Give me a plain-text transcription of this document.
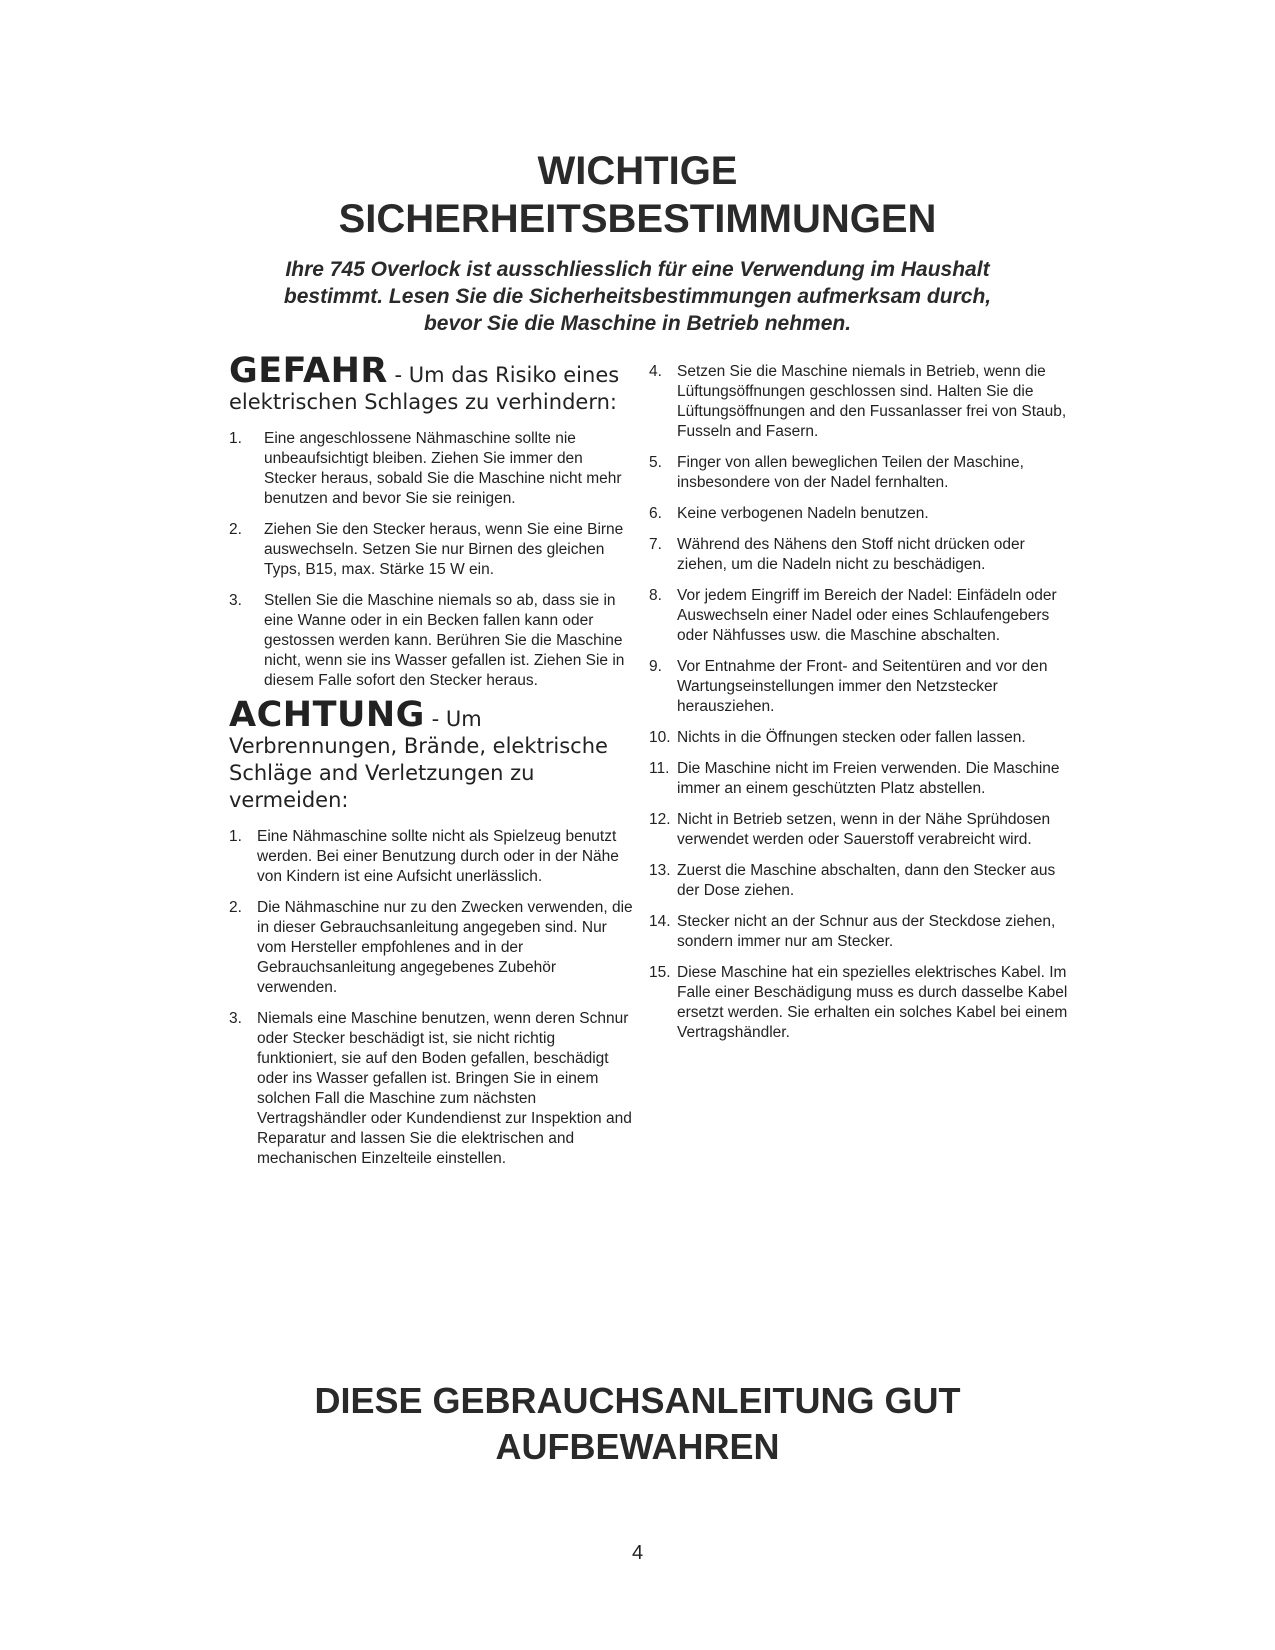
WICHTIGE
SICHERHEITSBESTIMMUNGEN
Ihre 745 Overlock ist ausschliesslich für eine Verwendung im Haushalt
bestimmt. Lesen Sie die Sicherheitsbestimmungen aufmerksam durch,
bevor Sie die Maschine in Betrieb nehmen.
GEFAHR - Um das Risiko eines elektrischen Schlages zu verhindern:
1. Eine angeschlossene Nähmaschine sollte nie unbeaufsichtigt bleiben. Ziehen Sie immer den Stecker heraus, sobald Sie die Maschine nicht mehr benutzen and bevor Sie sie reinigen.
2. Ziehen Sie den Stecker heraus, wenn Sie eine Birne auswechseln. Setzen Sie nur Birnen des gleichen Typs, B15, max. Stärke 15 W ein.
3. Stellen Sie die Maschine niemals so ab, dass sie in eine Wanne oder in ein Becken fallen kann oder gestossen werden kann. Berühren Sie die Maschine nicht, wenn sie ins Wasser gefallen ist. Ziehen Sie in diesem Falle sofort den Stecker heraus.
ACHTUNG - Um Verbrennungen, Brände, elektrische Schläge and Verletzungen zu vermeiden:
1. Eine Nähmaschine sollte nicht als Spielzeug benutzt werden. Bei einer Benutzung durch oder in der Nähe von Kindern ist eine Aufsicht unerlässlich.
2. Die Nähmaschine nur zu den Zwecken verwenden, die in dieser Gebrauchsanleitung angegeben sind. Nur vom Hersteller empfohlenes and in der Gebrauchsanleitung angegebenes Zubehör verwenden.
3. Niemals eine Maschine benutzen, wenn deren Schnur oder Stecker beschädigt ist, sie nicht richtig funktioniert, sie auf den Boden gefallen, beschädigt oder ins Wasser gefallen ist. Bringen Sie in einem solchen Fall die Maschine zum nächsten Vertragshändler oder Kundendienst zur Inspektion and Reparatur and lassen Sie die elektrischen and mechanischen Einzelteile einstellen.
4. Setzen Sie die Maschine niemals in Betrieb, wenn die Lüftungsöffnungen geschlossen sind. Halten Sie die Lüftungsöffnungen and den Fussanlasser frei von Staub, Fusseln and Fasern.
5. Finger von allen beweglichen Teilen der Maschine, insbesondere von der Nadel fernhalten.
6. Keine verbogenen Nadeln benutzen.
7. Während des Nähens den Stoff nicht drücken oder ziehen, um die Nadeln nicht zu beschädigen.
8. Vor jedem Eingriff im Bereich der Nadel: Einfädeln oder Auswechseln einer Nadel oder eines Schlaufengebers oder Nähfusses usw. die Maschine abschalten.
9. Vor Entnahme der Front- and Seitentüren and vor den Wartungseinstellungen immer den Netzstecker herausziehen.
10. Nichts in die Öffnungen stecken oder fallen lassen.
11. Die Maschine nicht im Freien verwenden. Die Maschine immer an einem geschützten Platz abstellen.
12. Nicht in Betrieb setzen, wenn in der Nähe Sprühdosen verwendet werden oder Sauerstoff verabreicht wird.
13. Zuerst die Maschine abschalten, dann den Stecker aus der Dose ziehen.
14. Stecker nicht an der Schnur aus der Steckdose ziehen, sondern immer nur am Stecker.
15. Diese Maschine hat ein spezielles elektrisches Kabel. Im Falle einer Beschädigung muss es durch dasselbe Kabel ersetzt werden. Sie erhalten ein solches Kabel bei einem Vertragshändler.
DIESE GEBRAUCHSANLEITUNG GUT
AUFBEWAHREN
4
